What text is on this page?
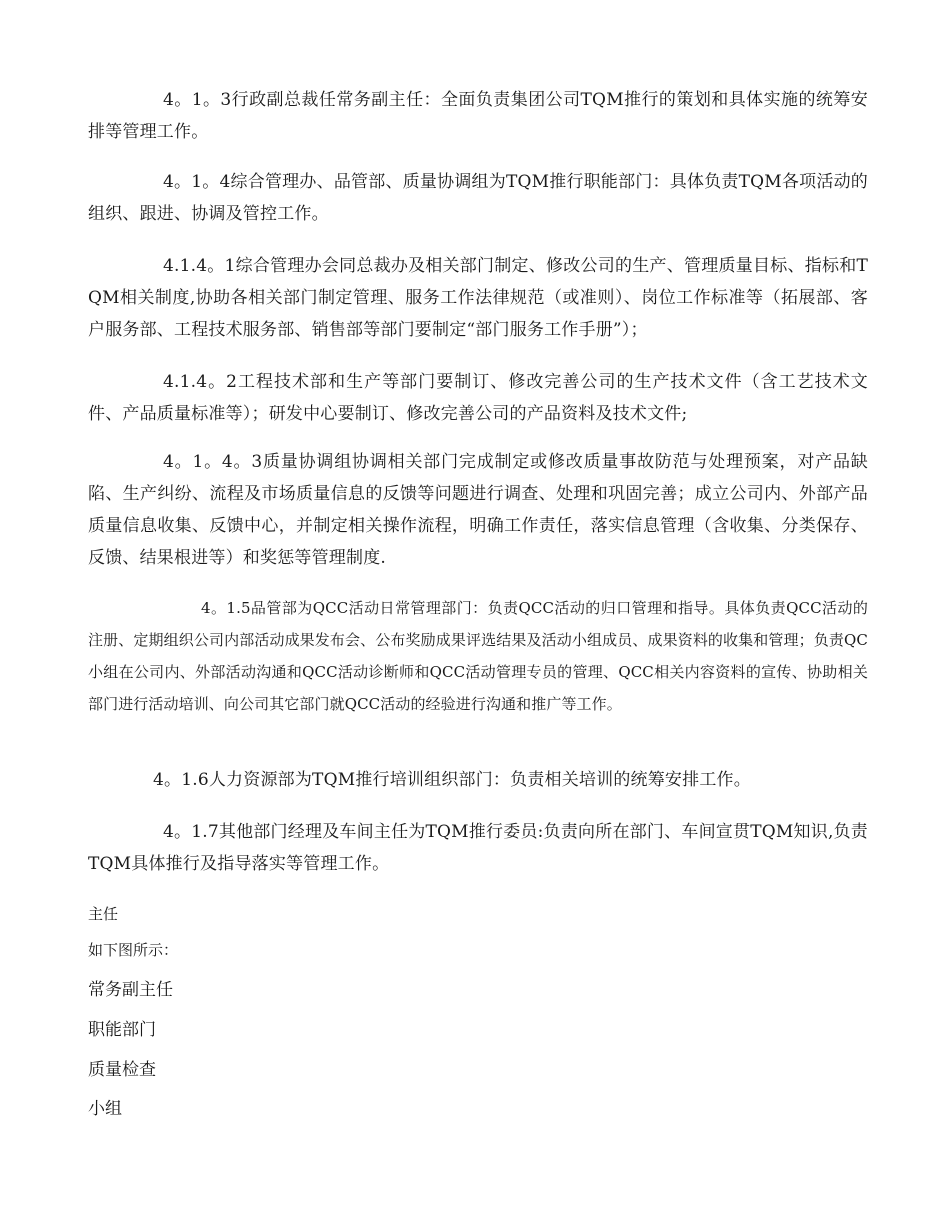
4。1。3行政副总裁任常务副主任：全面负责集团公司TQM推行的策划和具体实施的统筹安排等管理工作。

4。1。4综合管理办、品管部、质量协调组为TQM推行职能部门：具体负责TQM各项活动的组织、跟进、协调及管控工作。

4.1.4。1综合管理办会同总裁办及相关部门制定、修改公司的生产、管理质量目标、指标和TQM相关制度,协助各相关部门制定管理、服务工作法律规范（或准则）、岗位工作标准等（拓展部、客户服务部、工程技术服务部、销售部等部门要制定“部门服务工作手册”）；

4.1.4。2工程技术部和生产等部门要制订、修改完善公司的生产技术文件（含工艺技术文件、产品质量标准等）；研发中心要制订、修改完善公司的产品资料及技术文件;

4。1。4。3质量协调组协调相关部门完成制定或修改质量事故防范与处理预案，对产品缺陷、生产纠纷、流程及市场质量信息的反馈等问题进行调查、处理和巩固完善；成立公司内、外部产品质量信息收集、反馈中心，并制定相关操作流程，明确工作责任，落实信息管理（含收集、分类保存、反馈、结果根进等）和奖惩等管理制度.

4。1.5品管部为QCC活动日常管理部门：负责QCC活动的归口管理和指导。具体负责QCC活动的注册、定期组织公司内部活动成果发布会、公布奖励成果评选结果及活动小组成员、成果资料的收集和管理；负责QC小组在公司内、外部活动沟通和QCC活动诊断师和QCC活动管理专员的管理、QCC相关内容资料的宣传、协助相关部门进行活动培训、向公司其它部门就QCC活动的经验进行沟通和推广等工作。

4。1.6人力资源部为TQM推行培训组织部门：负责相关培训的统筹安排工作。

4。1.7其他部门经理及车间主任为TQM推行委员:负责向所在部门、车间宣贯TQM知识,负责TQM具体推行及指导落实等管理工作。

主任

如下图所示：

常务副主任

职能部门

质量检查

小组
